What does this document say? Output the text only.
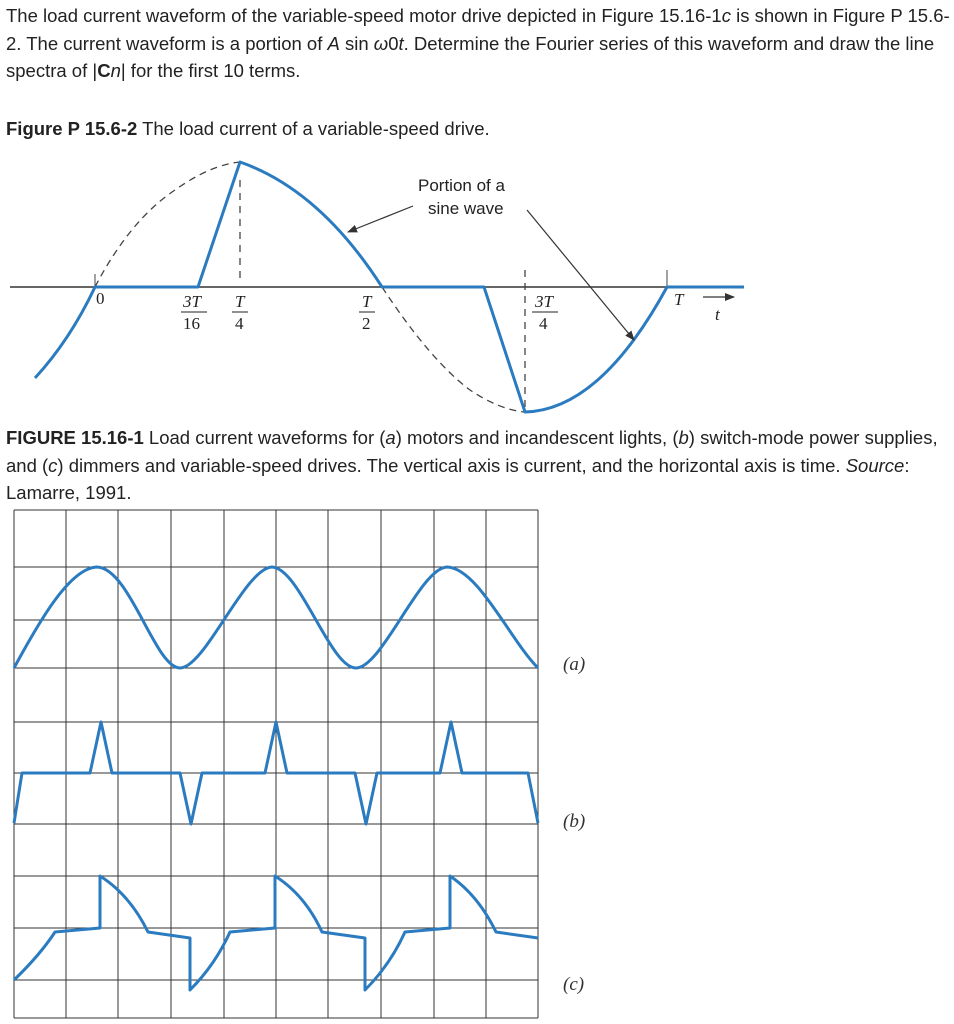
The load current waveform of the variable-speed motor drive depicted in Figure 15.16-1c is shown in Figure P 15.6-2. The current waveform is a portion of A sin ω0t. Determine the Fourier series of this waveform and draw the line spectra of |Cn| for the first 10 terms.

Figure P 15.6-2 The load current of a variable-speed drive.

Portion of a
sine wave
0	3T
16
T
4
T
2
3T
4
T
t

FIGURE 15.16-1 Load current waveforms for (a) motors and incandescent lights, (b) switch-mode power supplies, and (c) dimmers and variable-speed drives. The vertical axis is current, and the horizontal axis is time. Source: Lamarre, 1991.

(a)
(b)
(c)
